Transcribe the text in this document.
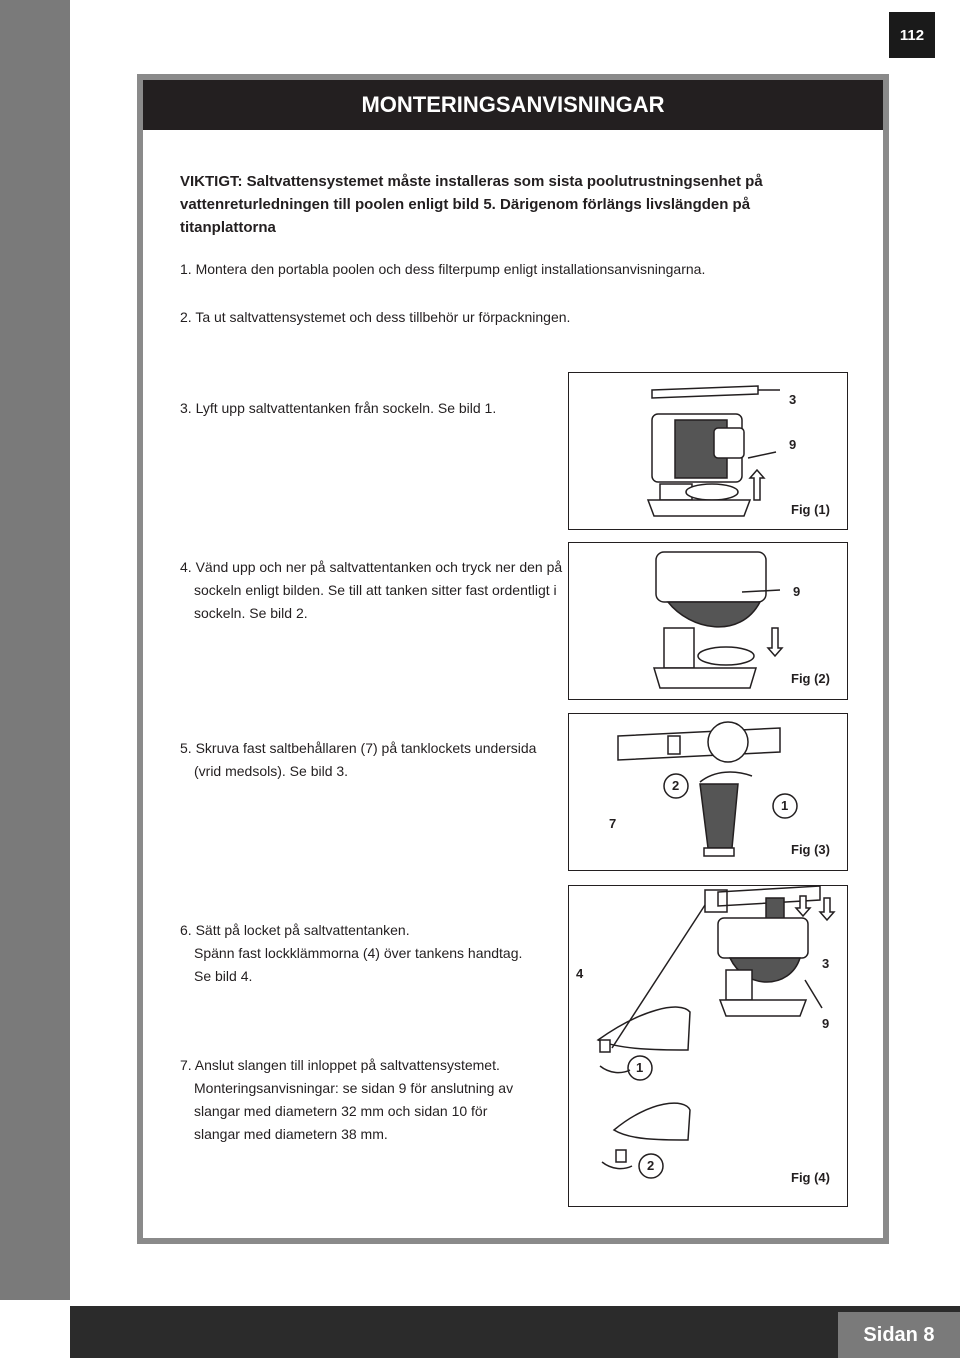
112
MONTERINGSANVISNINGAR
VIKTIGT: Saltvattensystemet måste installeras som sista poolutrustningsenhet på vattenreturledningen till poolen enligt bild 5. Därigenom förlängs livslängden på titanplattorna
1. Montera den portabla poolen och dess filterpump enligt installationsanvisningarna.
2. Ta ut saltvattensystemet och dess tillbehör ur förpackningen.
3. Lyft upp saltvattentanken från sockeln. Se bild 1.
4. Vänd upp och ner på saltvattentanken och tryck ner den på
sockeln enligt bilden. Se till att tanken sitter fast ordentligt i
sockeln. Se bild 2.
5. Skruva fast saltbehållaren (7) på tanklockets undersida
(vrid medsols). Se bild 3.
6. Sätt på locket på saltvattentanken.
Spänn fast lockklämmorna (4) över tankens handtag.
Se bild 4.
7. Anslut slangen till inloppet på saltvattensystemet.
Monteringsanvisningar: se sidan 9 för anslutning av
slangar med diametern 32 mm och sidan 10 för
slangar med diametern 38 mm.
3
9
Fig (1)
9
Fig (2)
2
1
7
Fig (3)
4
3
9
1
2
Fig (4)
Sidan 8
